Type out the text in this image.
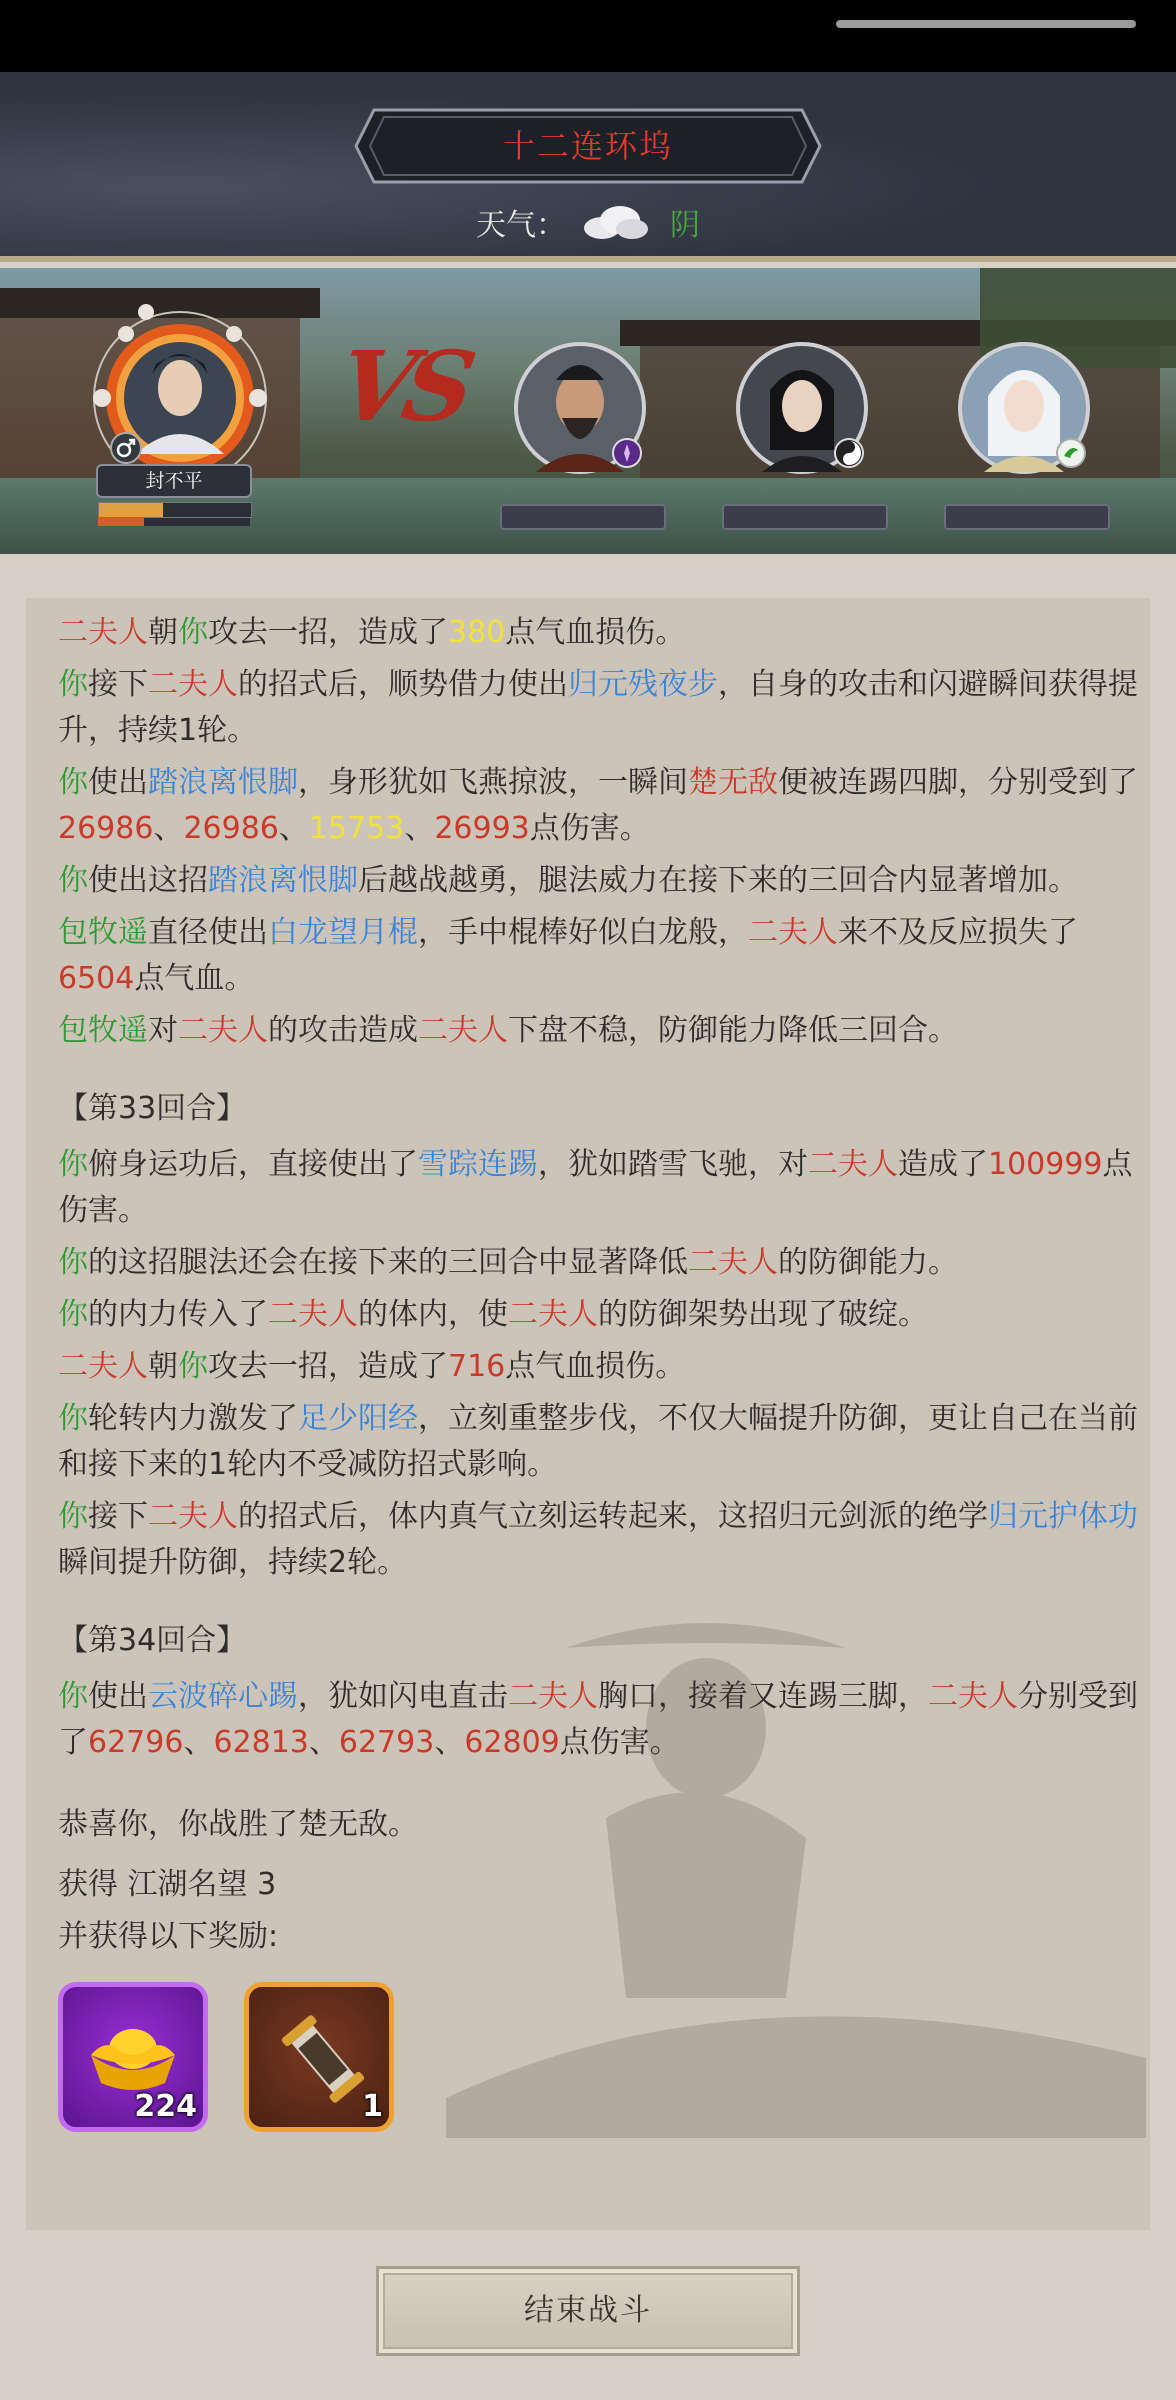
十二连环坞
天气：	阴
封不平
VS
二夫人朝你攻去一招，造成了380点气血损伤。
你接下二夫人的招式后，顺势借力使出归元残夜步，自身的攻击和闪避瞬间获得提升，持续1轮。
你使出踏浪离恨脚，身形犹如飞燕掠波，一瞬间楚无敌便被连踢四脚，分别受到了26986、26986、15753、26993点伤害。
你使出这招踏浪离恨脚后越战越勇，腿法威力在接下来的三回合内显著增加。
包牧遥直径使出白龙望月棍，手中棍棒好似白龙般，二夫人来不及反应损失了6504点气血。
包牧遥对二夫人的攻击造成二夫人下盘不稳，防御能力降低三回合。
【第33回合】
你俯身运功后，直接使出了雪踪连踢，犹如踏雪飞驰，对二夫人造成了100999点伤害。
你的这招腿法还会在接下来的三回合中显著降低二夫人的防御能力。
你的内力传入了二夫人的体内，使二夫人的防御架势出现了破绽。
二夫人朝你攻去一招，造成了716点气血损伤。
你轮转内力激发了足少阳经，立刻重整步伐，不仅大幅提升防御，更让自己在当前和接下来的1轮内不受减防招式影响。
你接下二夫人的招式后，体内真气立刻运转起来，这招归元剑派的绝学归元护体功瞬间提升防御，持续2轮。
【第34回合】
你使出云波碎心踢，犹如闪电直击二夫人胸口，接着又连踢三脚，二夫人分别受到了62796、62813、62793、62809点伤害。
恭喜你，你战胜了楚无敌。
获得 江湖名望 3
并获得以下奖励:
224	1
结束战斗
